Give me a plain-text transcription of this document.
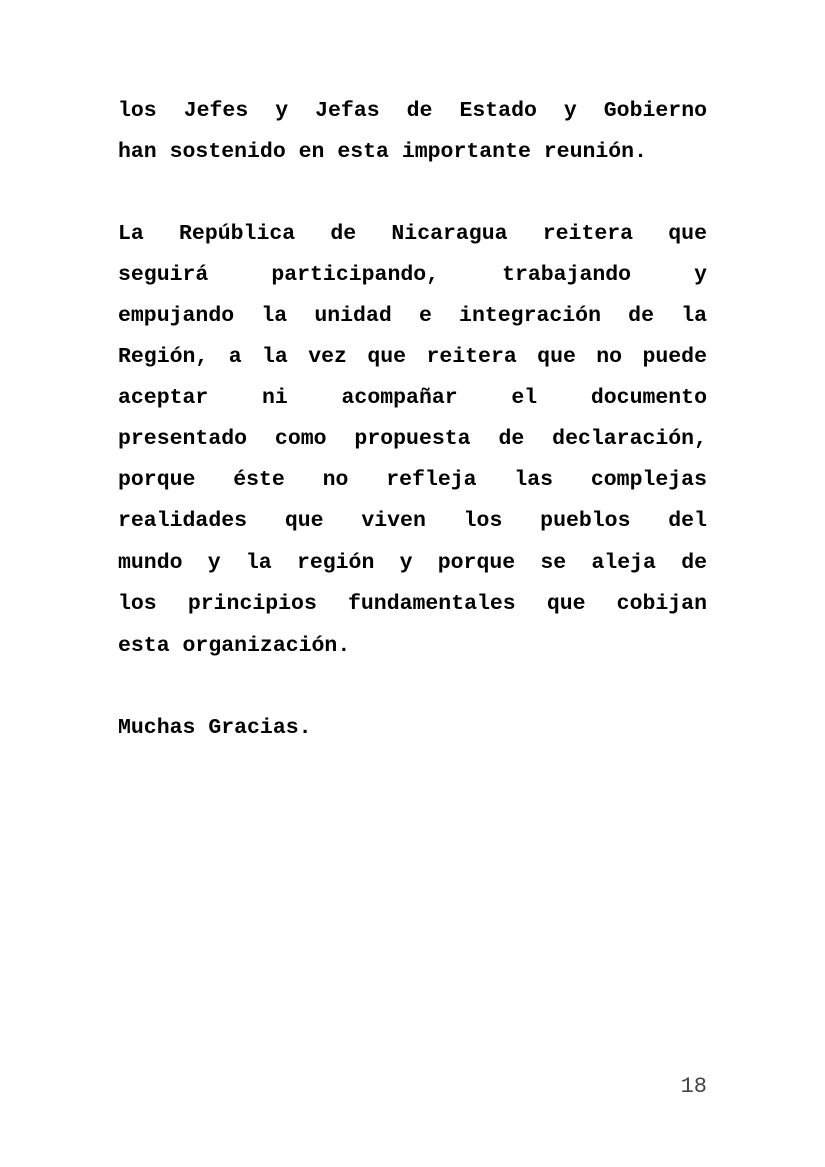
los Jefes y Jefas de Estado y Gobierno
han sostenido en esta importante reunión.
La República de Nicaragua reitera que
seguirá participando, trabajando y
empujando la unidad e integración de la
Región, a la vez que reitera que no puede
aceptar ni acompañar el documento
presentado como propuesta de declaración,
porque éste no refleja las complejas
realidades que viven los pueblos del
mundo y la región y porque se aleja de
los principios fundamentales que cobijan
esta organización.
Muchas Gracias.
18
